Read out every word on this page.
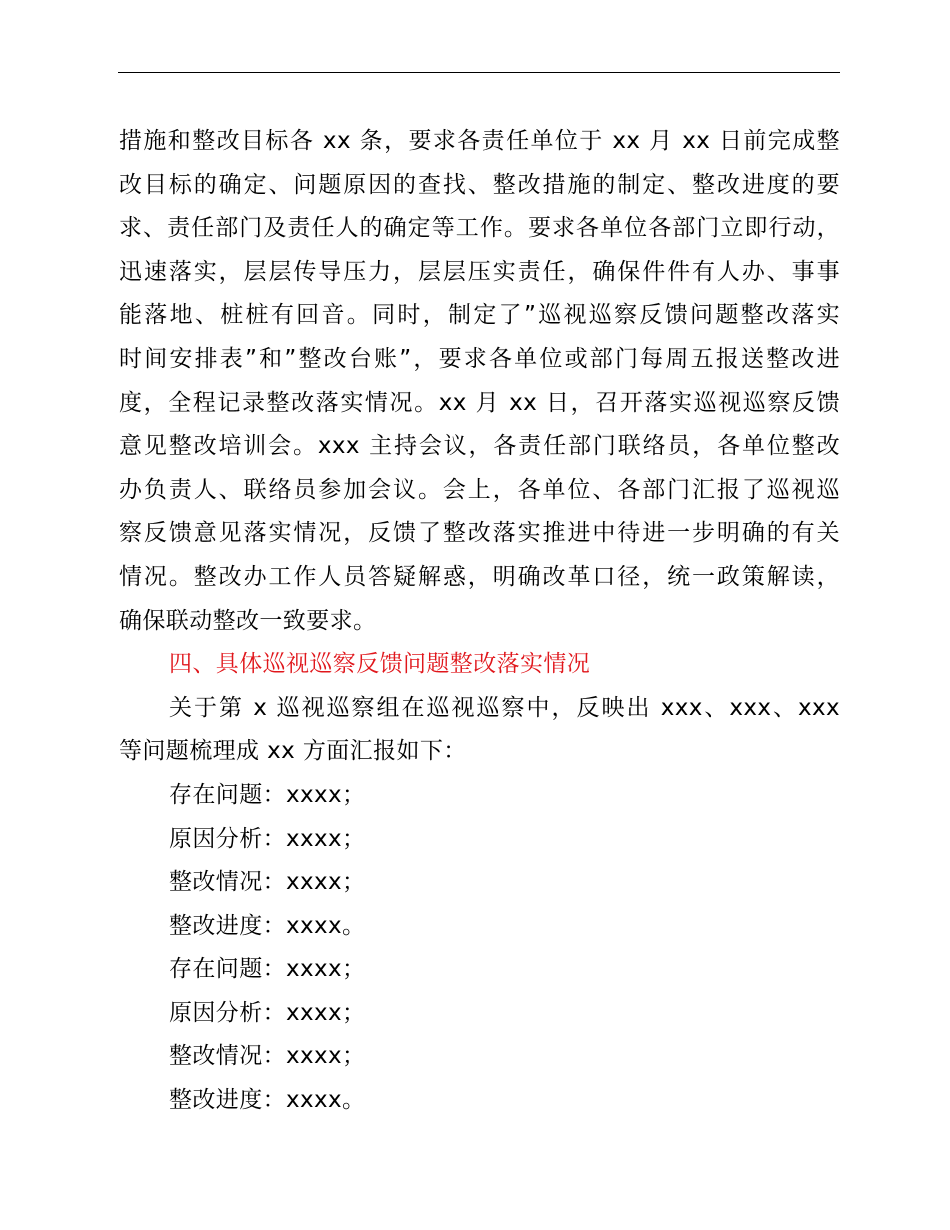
措施和整改目标各 xx 条，要求各责任单位于 xx 月 xx 日前完成整
改目标的确定、问题原因的查找、整改措施的制定、整改进度的要
求、责任部门及责任人的确定等工作。要求各单位各部门立即行动，
迅速落实，层层传导压力，层层压实责任，确保件件有人办、事事
能落地、桩桩有回音。同时，制定了”巡视巡察反馈问题整改落实
时间安排表”和”整改台账”，要求各单位或部门每周五报送整改进
度，全程记录整改落实情况。xx 月 xx 日，召开落实巡视巡察反馈
意见整改培训会。xxx 主持会议，各责任部门联络员，各单位整改
办负责人、联络员参加会议。会上，各单位、各部门汇报了巡视巡
察反馈意见落实情况，反馈了整改落实推进中待进一步明确的有关
情况。整改办工作人员答疑解惑，明确改革口径，统一政策解读，
确保联动整改一致要求。
四、具体巡视巡察反馈问题整改落实情况
关于第 x 巡视巡察组在巡视巡察中，反映出 xxx、xxx、xxx
等问题梳理成 xx 方面汇报如下：
存在问题：xxxx；
原因分析：xxxx；
整改情况：xxxx；
整改进度：xxxx。
存在问题：xxxx；
原因分析：xxxx；
整改情况：xxxx；
整改进度：xxxx。
